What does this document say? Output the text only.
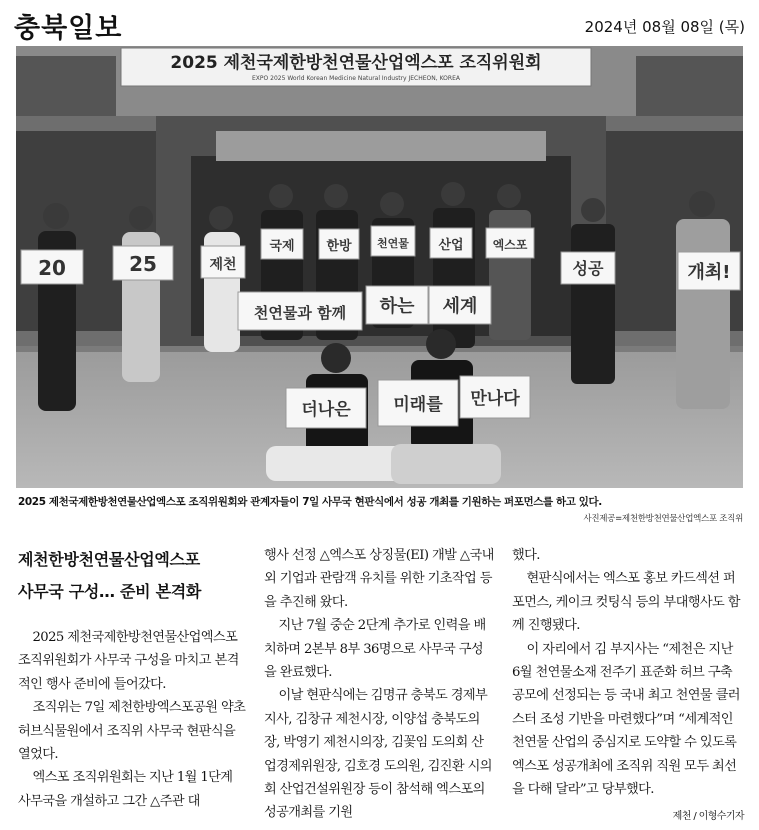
충북일보	2024년 08월 08일 (목)
2025 제천국제한방천연물산업엑스포 조직위원회
EXPO 2025 World Korean Medicine Natural Industry JECHEON, KOREA
20	25	제천
국제 한방 천연물 산업 엑스포
성공	개최!
천연물과 함께 하는 세계
더나은	미래를 만나다
2025 제천국제한방천연물산업엑스포 조직위원회와 관계자들이 7일 사무국 현판식에서 성공 개최를 기원하는 퍼포먼스를 하고 있다.
사진제공=제천한방천연물산업엑스포 조직위
제천한방천연물산업엑스포
사무국 구성… 준비 본격화

2025 제천국제한방천연물산업엑스포 조직위원회가 사무국 구성을 마치고 본격적인 행사 준비에 들어갔다.

조직위는 7일 제천한방엑스포공원 약초허브식물원에서 조직위 사무국 현판식을 열었다.

엑스포 조직위원회는 지난 1월 1단계 사무국을 개설하고 그간 △주관 대

행사 선정 △엑스포 상징물(EI) 개발 △국내외 기업과 관람객 유치를 위한 기초작업 등을 추진해 왔다.

지난 7월 중순 2단계 추가로 인력을 배치하며 2본부 8부 36명으로 사무국 구성을 완료했다.

이날 현판식에는 김명규 충북도 경제부지사, 김창규 제천시장, 이양섭 충북도의장, 박영기 제천시의장, 김꽃임 도의회 산업경제위원장, 김호경 도의원, 김진환 시의회 산업건설위원장 등이 참석해 엑스포의 성공개최를 기원

했다.

현판식에서는 엑스포 홍보 카드섹션 퍼포먼스, 케이크 컷팅식 등의 부대행사도 함께 진행됐다.

이 자리에서 김 부지사는 “제천은 지난 6월 천연물소재 전주기 표준화 허브 구축 공모에 선정되는 등 국내 최고 천연물 클러스터 조성 기반을 마련했다”며 “세계적인 천연물 산업의 중심지로 도약할 수 있도록 엑스포 성공개최에 조직위 직원 모두 최선을 다해 달라”고 당부했다.

제천 / 이형수기자
